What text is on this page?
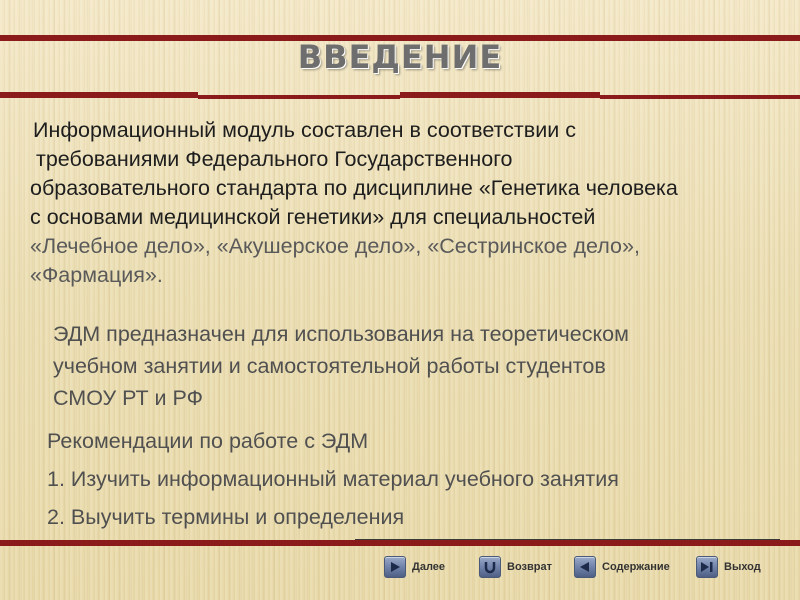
ВВЕДЕНИЕ
Информационный модуль составлен в соответствии с
требованиями Федерального Государственного
образовательного стандарта по дисциплине «Генетика человека
с основами медицинской генетики» для специальностей
«Лечебное дело», «Акушерское дело», «Сестринское дело»,
«Фармация».
ЭДМ предназначен для использования на теоретическом
учебном занятии и самостоятельной работы студентов
СМОУ РТ и РФ
Рекомендации по работе с ЭДМ
1. Изучить информационный материал учебного занятия
2. Выучить термины и определения
Далее	Возврат	Содержание	Выход
